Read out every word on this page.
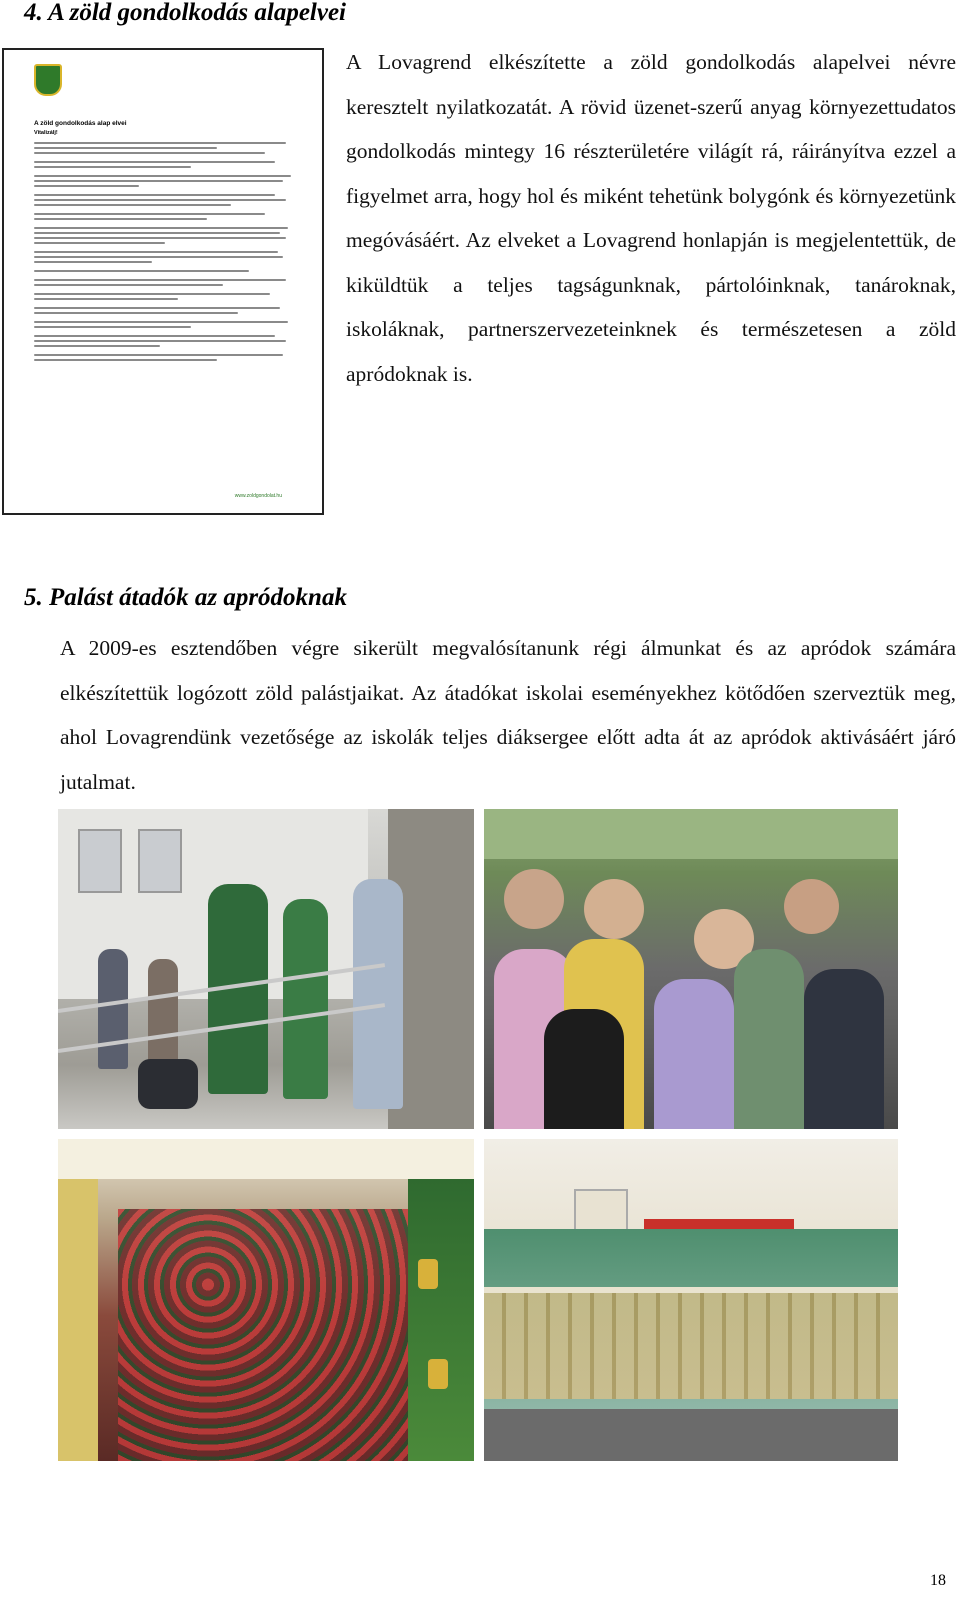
4. A zöld gondolkodás alapelvei
A zöld gondolkodás alap elvei
Vitalizálj!
www.zoldgondolat.hu

A Lovagrend elkészítette a zöld gondolkodás alapelvei névre keresztelt nyilatkozatát. A rövid üzenet-szerű anyag környezettudatos gondolkodás mintegy 16 részterületére világít rá, ráirányítva ezzel a figyelmet arra, hogy hol és miként tehetünk bolygónk és környezetünk megóvásáért. Az elveket a Lovagrend honlapján is megjelentettük, de kiküldtük a teljes tagságunknak, pártolóinknak, tanároknak, iskoláknak, partnerszervezeteinknek és természetesen a zöld apródoknak is.

5. Palást átadók az apródoknak

A 2009-es esztendőben végre sikerült megvalósítanunk régi álmunkat és az apródok számára elkészítettük logózott zöld palástjaikat. Az átadókat iskolai eseményekhez kötődően szerveztük meg, ahol Lovagrendünk vezetősége az iskolák teljes diáksergee előtt adta át az apródok aktivásáért járó jutalmat.

18
